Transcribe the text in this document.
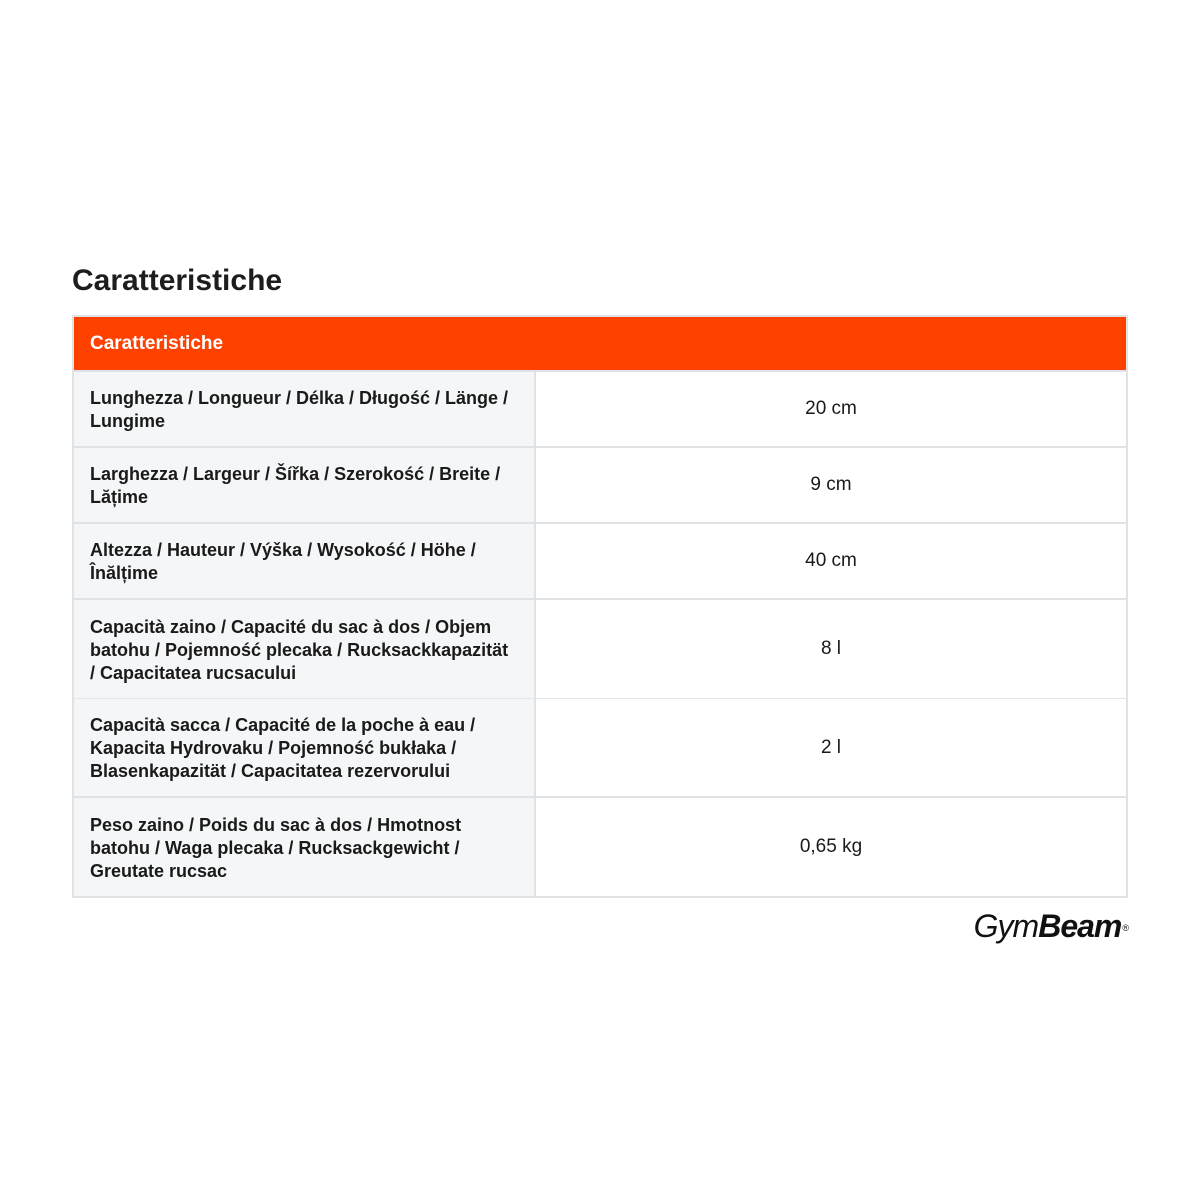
Caratteristiche
Caratteristiche
Lunghezza / Longueur / Délka / Długość / Länge / Lungime
20 cm
Larghezza / Largeur / Šířka / Szerokość / Breite / Lățime
9 cm
Altezza / Hauteur / Výška / Wysokość / Höhe / Înălțime
40 cm
Capacità zaino / Capacité du sac à dos / Objem batohu / Pojemność plecaka / Rucksackkapazität / Capacitatea rucsacului
8 l
Capacità sacca / Capacité de la poche à eau / Kapacita Hydrovaku / Pojemność bukłaka / Blasenkapazität / Capacitatea rezervorului
2 l
Peso zaino / Poids du sac à dos / Hmotnost batohu / Waga plecaka / Rucksackgewicht / Greutate rucsac
0,65 kg
GymBeam®
